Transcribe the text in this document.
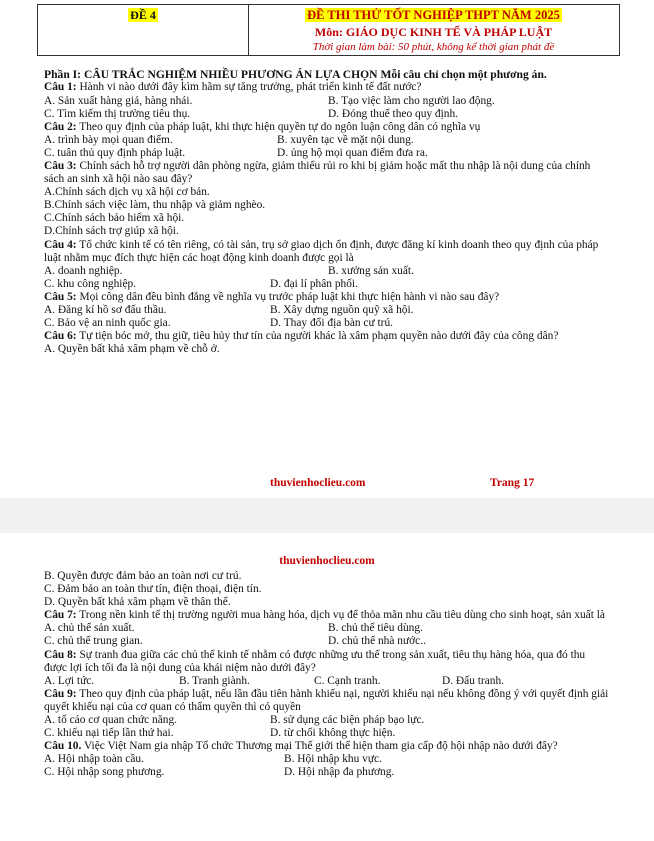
ĐỀ 4	ĐỀ THI THỬ TỐT NGHIỆP THPT NĂM 2025
Môn: GIÁO DỤC KINH TẾ VÀ PHÁP LUẬT
Thời gian làm bài: 50 phút, không kể thời gian phát đề
Phần I: CÂU TRẮC NGHIỆM NHIỀU PHƯƠNG ÁN LỰA CHỌN Mỗi câu chỉ chọn một phương án.
Câu 1: Hành vi nào dưới đây kìm hãm sự tăng trưởng, phát triển kinh tế đất nước?
A. Sản xuất hàng giả, hàng nhái.	B. Tạo việc làm cho người lao động.
C. Tìm kiếm thị trường tiêu thụ.	D. Đóng thuế theo quy định.
Câu 2: Theo quy định của pháp luật, khi thực hiện quyền tự do ngôn luận công dân có nghĩa vụ
A. trình bày mọi quan điểm.	B. xuyên tạc về mặt nội dung.
C. tuân thủ quy định pháp luật.	D. ủng hộ mọi quan điểm đưa ra.
Câu 3: Chính sách hỗ trợ người dân phòng ngừa, giảm thiểu rủi ro khi bị giảm hoặc mất thu nhập là nội dung của chính sách an sinh xã hội nào sau đây?
A.Chính sách dịch vụ xã hội cơ bản.
B.Chính sách việc làm, thu nhập và giảm nghèo.
C.Chính sách bảo hiểm xã hội.
D.Chính sách trợ giúp xã hội.
Câu 4: Tổ chức kinh tế có tên riêng, có tài sản, trụ sở giao dịch ổn định, được đăng kí kinh doanh theo quy định của pháp luật nhằm mục đích thực hiện các hoạt động kinh doanh được gọi là
A. doanh nghiệp.	B. xưởng sản xuất.
C. khu công nghiệp.	D. đại lí phân phối.
Câu 5: Mọi công dân đều bình đẳng về nghĩa vụ trước pháp luật khi thực hiện hành vi nào sau đây?
A. Đăng kí hồ sơ đấu thầu.	B. Xây dựng nguồn quỹ xã hội.
C. Bảo vệ an ninh quốc gia.	D. Thay đổi địa bàn cư trú.
Câu 6: Tự tiện bóc mở, thu giữ, tiêu hủy thư tín của người khác là xâm phạm quyền nào dưới đây của công dân?
A. Quyền bất khả xâm phạm về chỗ ở.
thuvienhoclieu.com	Trang 17
thuvienhoclieu.com
B. Quyền được đảm bảo an toàn nơi cư trú.
C. Đảm bảo an toàn thư tín, điện thoại, điện tín.
D. Quyền bất khả xâm phạm về thân thể.
Câu 7: Trong nền kinh tế thị trường người mua hàng hóa, dịch vụ để thỏa mãn nhu cầu tiêu dùng cho sinh hoạt, sản xuất là
A. chủ thể sản xuất.	B. chủ thể tiêu dùng.
C. chủ thể trung gian.	D. chủ thể nhà nước..
Câu 8: Sự tranh đua giữa các chủ thể kinh tế nhằm có được những ưu thế trong sản xuất, tiêu thụ hàng hóa, qua đó thu được lợi ích tối đa là nội dung của khái niệm nào dưới đây?
A. Lợi tức.	B. Tranh giành.	C. Cạnh tranh.	D. Đấu tranh.
Câu 9: Theo quy định của pháp luật, nếu lần đầu tiên hành khiếu nại, người khiếu nại nếu không đồng ý với quyết định giải quyết khiếu nại của cơ quan có thẩm quyền thì có quyền
A. tố cáo cơ quan chức năng.	B. sử dụng các biện pháp bạo lực.
C. khiếu nại tiếp lần thứ hai.	D. từ chối không thực hiện.
Câu 10. Việc Việt Nam gia nhập Tổ chức Thương mại Thế giới thể hiện tham gia cấp độ hội nhập nào dưới đây?
A. Hội nhập toàn cầu.	B. Hội nhập khu vực.
C. Hội nhập song phương.	D. Hội nhập đa phương.
